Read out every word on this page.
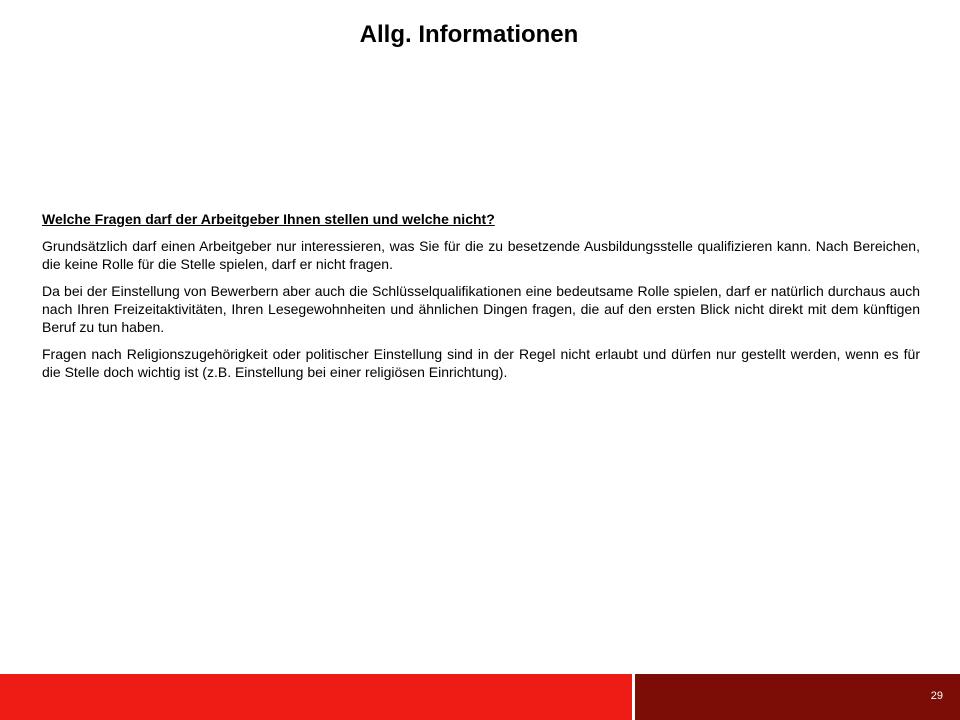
Allg. Informationen

Welche Fragen darf der Arbeitgeber Ihnen stellen und welche nicht?

Grundsätzlich darf einen Arbeitgeber nur interessieren, was Sie für die zu besetzende Ausbildungsstelle qualifizieren kann. Nach Bereichen, die keine Rolle für die Stelle spielen, darf er nicht fragen.

Da bei der Einstellung von Bewerbern aber auch die Schlüsselqualifikationen eine bedeutsame Rolle spielen, darf er natürlich durchaus auch nach Ihren Freizeitaktivitäten, Ihren Lesegewohnheiten und ähnlichen Dingen fragen, die auf den ersten Blick nicht direkt mit dem künftigen Beruf zu tun haben.

Fragen nach Religionszugehörigkeit oder politischer Einstellung sind in der Regel nicht erlaubt und dürfen nur gestellt werden, wenn es für die Stelle doch wichtig ist (z.B. Einstellung bei einer religiösen Einrichtung).

29
